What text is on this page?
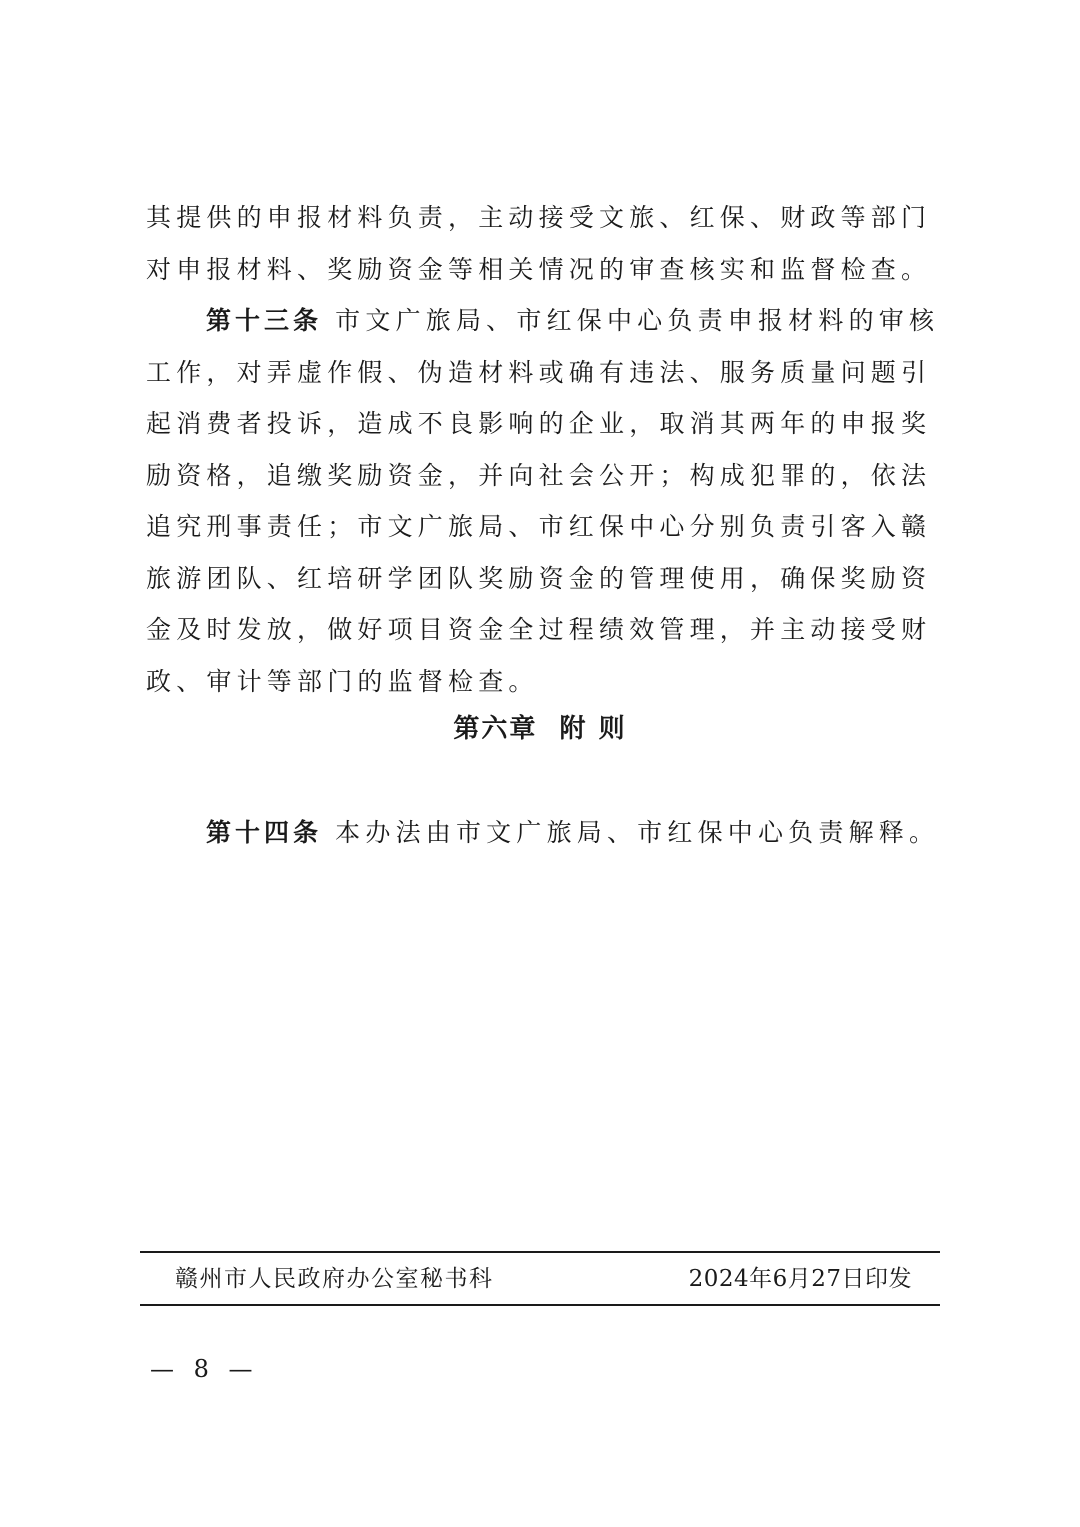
其提供的申报材料负责，主动接受文旅、红保、财政等部门对申报材料、奖励资金等相关情况的审查核实和监督检查。

第十三条 市文广旅局、市红保中心负责申报材料的审核工作，对弄虚作假、伪造材料或确有违法、服务质量问题引起消费者投诉，造成不良影响的企业，取消其两年的申报奖励资格，追缴奖励资金，并向社会公开；构成犯罪的，依法追究刑事责任；市文广旅局、市红保中心分别负责引客入赣旅游团队、红培研学团队奖励资金的管理使用，确保奖励资金及时发放，做好项目资金全过程绩效管理，并主动接受财政、审计等部门的监督检查。

第六章  附 则

第十四条 本办法由市文广旅局、市红保中心负责解释。

赣州市人民政府办公室秘书科	2024年6月27日印发
— 8 —
